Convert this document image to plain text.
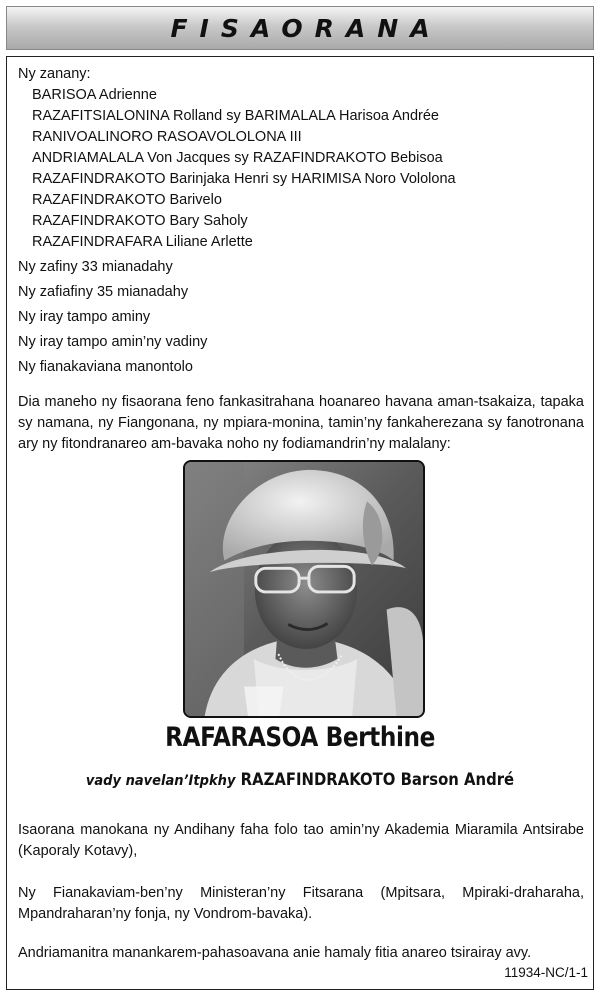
FISAORANA

Ny zanany:

BARISOA Adrienne
RAZAFITSIALONINA Rolland sy BARIMALALA Harisoa Andrée
RANIVOALINORO RASOAVOLOLONA III
ANDRIAMALALA Von Jacques sy RAZAFINDRAKOTO Bebisoa
RAZAFINDRAKOTO Barinjaka Henri sy HARIMISA Noro Vololona
RAZAFINDRAKOTO Barivelo
RAZAFINDRAKOTO Bary Saholy
RAZAFINDRAFARA Liliane Arlette

Ny zafiny 33 mianadahy

Ny zafiafiny 35 mianadahy

Ny iray tampo aminy

Ny iray tampo amin’ny vadiny

Ny fianakaviana manontolo

Dia maneho ny fisaorana feno fankasitrahana hoanareo havana aman-tsakaiza, tapaka sy namana, ny Fiangonana, ny mpiara-monina, tamin’ny fankaherezana sy fanotronana ary ny fitondranareo am-bavaka noho ny fodiamandrin’ny malalany:

RAFARASOA Berthine
vady navelan’Itpkhy RAZAFINDRAKOTO Barson André

Isaorana manokana ny Andihany faha folo tao amin’ny Akademia Miaramila Antsirabe (Kaporaly Kotavy),

Ny Fianakaviam-ben’ny Ministeran’ny Fitsarana (Mpitsara, Mpiraki-draharaha, Mpandraharan’ny fonja, ny Vondrom-bavaka).

Andriamanitra manankarem-pahasoavana anie hamaly fitia anareo tsirairay avy.

11934-NC/1-1
